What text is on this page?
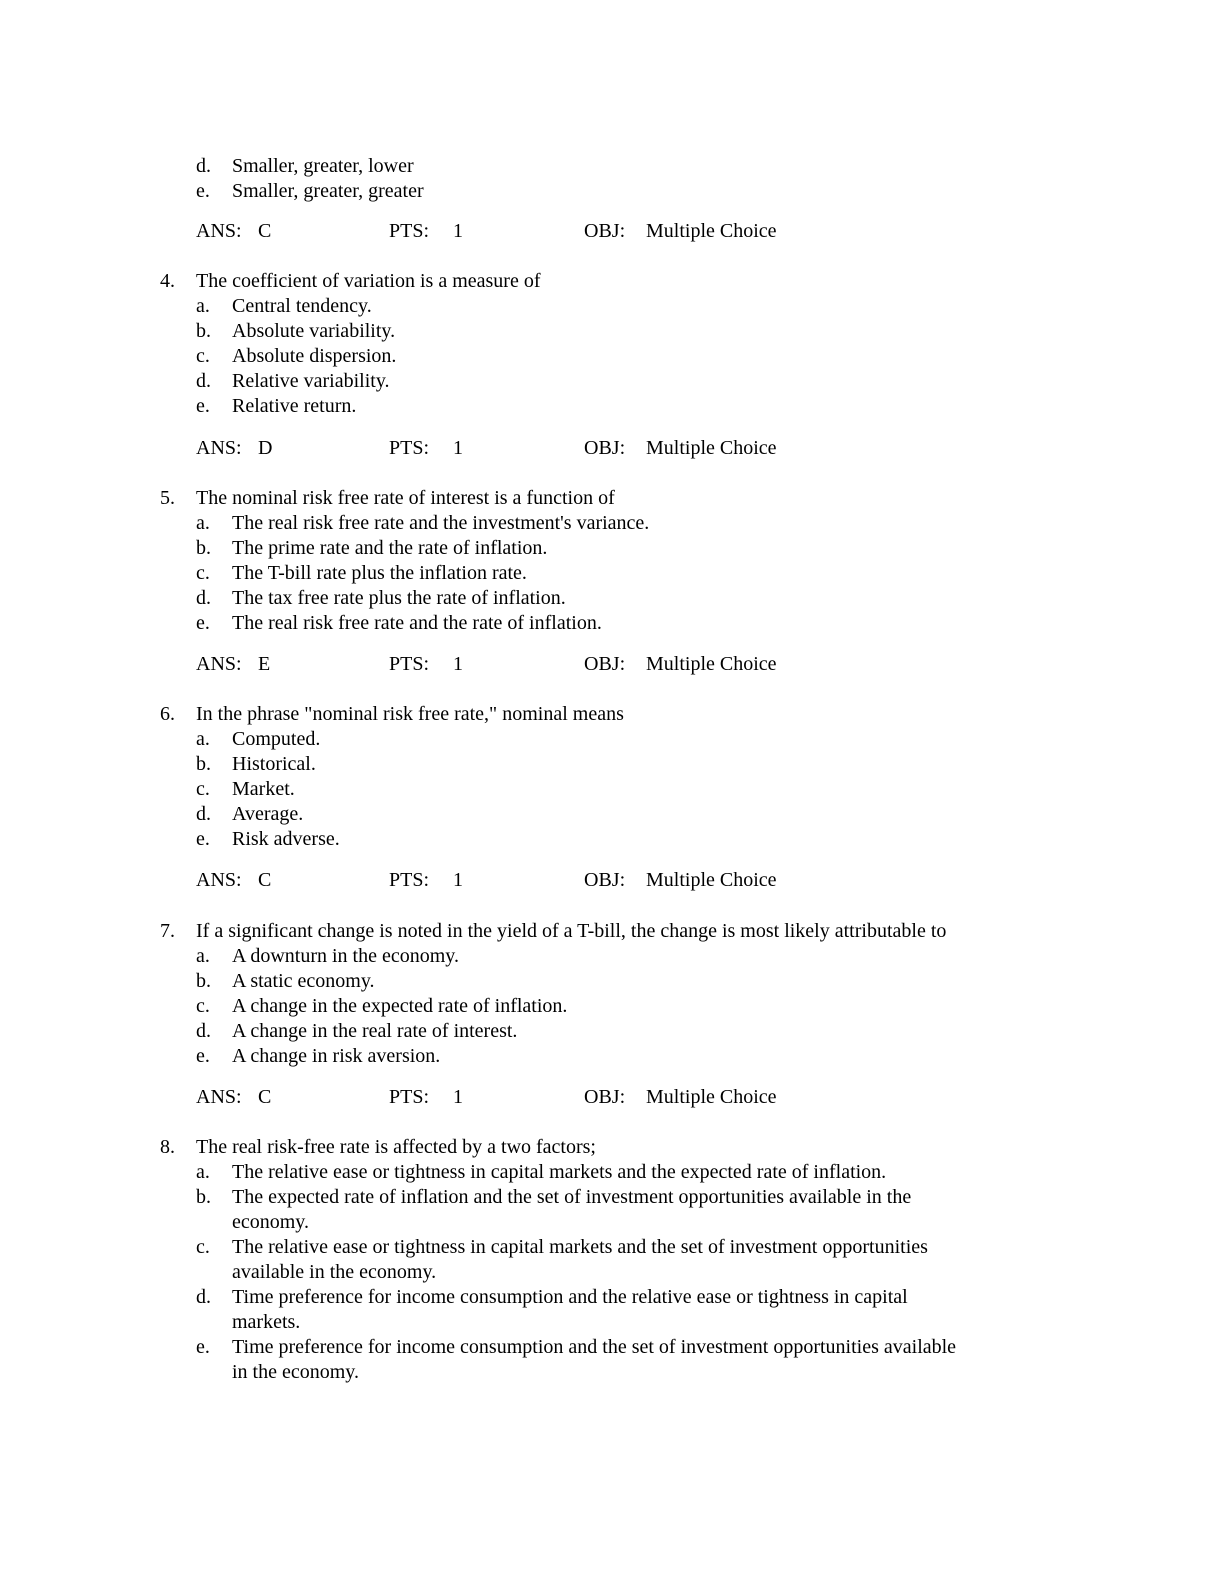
d.	Smaller, greater, lower
e.	Smaller, greater, greater
ANS: C	PTS: 1	OBJ: Multiple Choice
4.	The coefficient of variation is a measure of
a.	Central tendency.
b.	Absolute variability.
c.	Absolute dispersion.
d.	Relative variability.
e.	Relative return.
ANS: D	PTS: 1	OBJ: Multiple Choice
5.	The nominal risk free rate of interest is a function of
a.	The real risk free rate and the investment's variance.
b.	The prime rate and the rate of inflation.
c.	The T-bill rate plus the inflation rate.
d.	The tax free rate plus the rate of inflation.
e.	The real risk free rate and the rate of inflation.
ANS: E	PTS: 1	OBJ: Multiple Choice
6.	In the phrase "nominal risk free rate," nominal means
a.	Computed.
b.	Historical.
c.	Market.
d.	Average.
e.	Risk adverse.
ANS: C	PTS: 1	OBJ: Multiple Choice
7.	If a significant change is noted in the yield of a T-bill, the change is most likely attributable to
a.	A downturn in the economy.
b.	A static economy.
c.	A change in the expected rate of inflation.
d.	A change in the real rate of interest.
e.	A change in risk aversion.
ANS: C	PTS: 1	OBJ: Multiple Choice
8.	The real risk-free rate is affected by a two factors;
a.	The relative ease or tightness in capital markets and the expected rate of inflation.
b.	The expected rate of inflation and the set of investment opportunities available in the
economy.
c.	The relative ease or tightness in capital markets and the set of investment opportunities
available in the economy.
d.	Time preference for income consumption and the relative ease or tightness in capital
markets.
e.	Time preference for income consumption and the set of investment opportunities available
in the economy.
